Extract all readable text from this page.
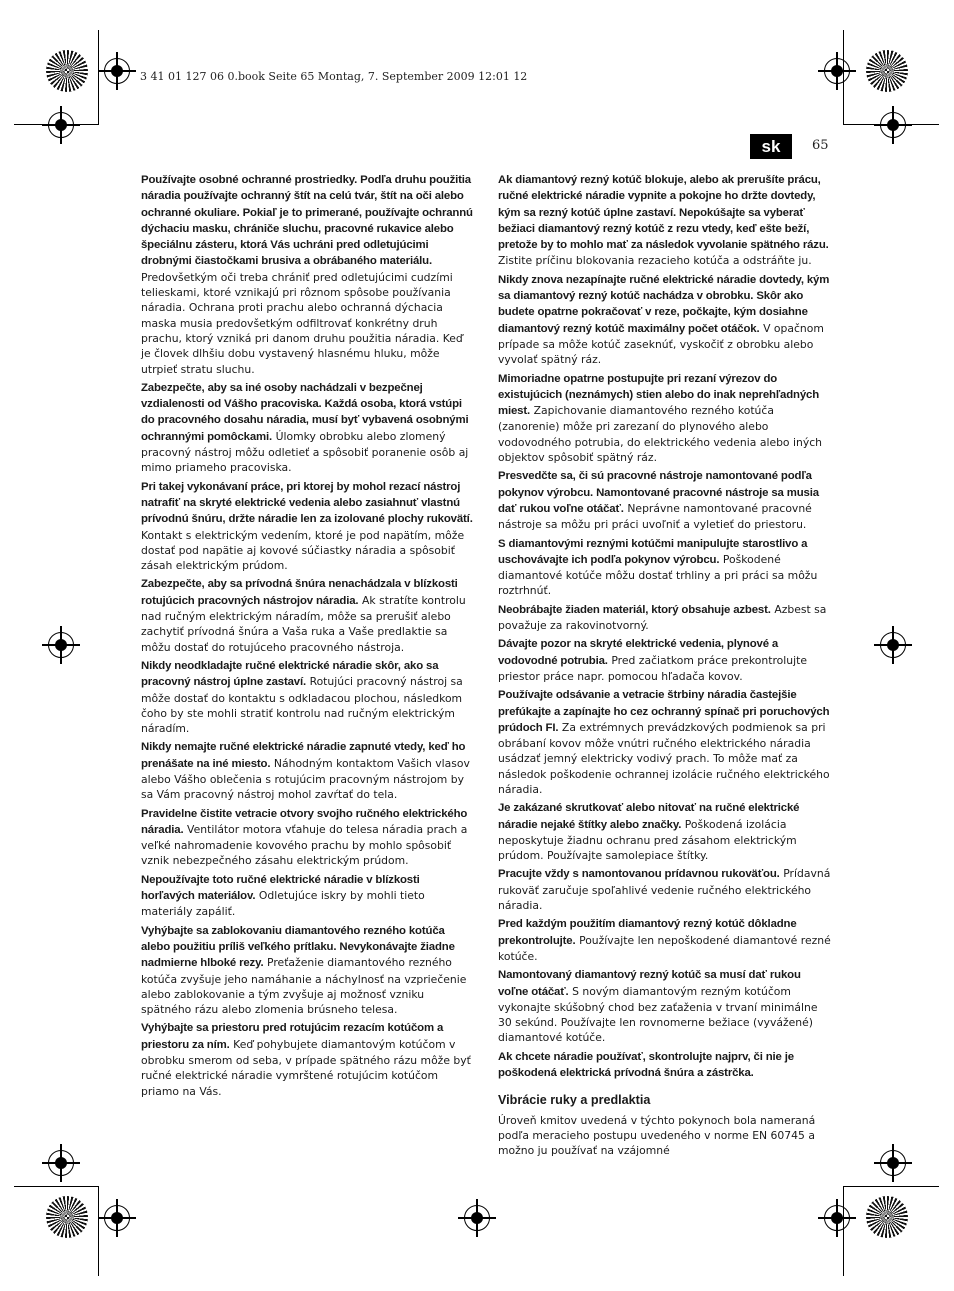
3 41 01 127 06 0.book Seite 65 Montag, 7. September 2009 12:01 12
sk	65

Používajte osobné ochranné prostriedky. Podľa druhu použitia náradia používajte ochranný štít na celú tvár, štít na oči alebo ochranné okuliare. Pokiaľ je to primerané, používajte ochrannú dýchaciu masku, chrániče sluchu, pracovné rukavice alebo špeciálnu zásteru, ktorá Vás uchráni pred odletujúcimi drobnými čiastočkami brusiva a obrábaného materiálu. Predovšetkým oči treba chrániť pred odletujúcimi cudzími telieskami, ktoré vznikajú pri rôznom spôsobe používania náradia. Ochrana proti prachu alebo ochranná dýchacia maska musia predovšetkým odfiltrovať konkrétny druh prachu, ktorý vzniká pri danom druhu použitia náradia. Keď je človek dlhšiu dobu vystavený hlasnému hluku, môže utrpieť stratu sluchu.

Zabezpečte, aby sa iné osoby nachádzali v bezpečnej vzdialenosti od Vášho pracoviska. Každá osoba, ktorá vstúpi do pracovného dosahu náradia, musí byť vybavená osobnými ochrannými pomôckami. Úlomky obrobku alebo zlomený pracovný nástroj môžu odletieť a spôsobiť poranenie osôb aj mimo priameho pracoviska.

Pri takej vykonávaní práce, pri ktorej by mohol rezací nástroj natrafiť na skryté elektrické vedenia alebo zasiahnuť vlastnú prívodnú šnúru, držte náradie len za izolované plochy rukovätí. Kontakt s elektrickým vedením, ktoré je pod napätím, môže dostať pod napätie aj kovové súčiastky náradia a spôsobiť zásah elektrickým prúdom.

Zabezpečte, aby sa prívodná šnúra nenachádzala v blízkosti rotujúcich pracovných nástrojov náradia. Ak stratíte kontrolu nad ručným elektrickým náradím, môže sa prerušiť alebo zachytiť prívodná šnúra a Vaša ruka a Vaše predlaktie sa môžu dostať do rotujúceho pracovného nástroja.

Nikdy neodkladajte ručné elektrické náradie skôr, ako sa pracovný nástroj úplne zastaví. Rotujúci pracovný nástroj sa môže dostať do kontaktu s odkladacou plochou, následkom čoho by ste mohli stratiť kontrolu nad ručným elektrickým náradím.

Nikdy nemajte ručné elektrické náradie zapnuté vtedy, keď ho prenášate na iné miesto. Náhodným kontaktom Vašich vlasov alebo Vášho oblečenia s rotujúcim pracovným nástrojom by sa Vám pracovný nástroj mohol zavŕtať do tela.

Pravidelne čistite vetracie otvory svojho ručného elektrického náradia. Ventilátor motora vťahuje do telesa náradia prach a veľké nahromadenie kovového prachu by mohlo spôsobiť vznik nebezpečného zásahu elektrickým prúdom.

Nepoužívajte toto ručné elektrické náradie v blízkosti horľavých materiálov. Odletujúce iskry by mohli tieto materiály zapáliť.

Vyhýbajte sa zablokovaniu diamantového rezného kotúča alebo použitiu príliš veľkého prítlaku. Nevykonávajte žiadne nadmierne hlboké rezy. Preťaženie diamantového rezného kotúča zvyšuje jeho namáhanie a náchylnosť na vzpriečenie alebo zablokovanie a tým zvyšuje aj možnosť vzniku spätného rázu alebo zlomenia brúsneho telesa.

Vyhýbajte sa priestoru pred rotujúcim rezacím kotúčom a priestoru za ním. Keď pohybujete diamantovým kotúčom v obrobku smerom od seba, v prípade spätného rázu môže byť ručné elektrické náradie vymrštené rotujúcim kotúčom priamo na Vás.

Ak diamantový rezný kotúč blokuje, alebo ak prerušíte prácu, ručné elektrické náradie vypnite a pokojne ho držte dovtedy, kým sa rezný kotúč úplne zastaví. Nepokúšajte sa vyberať bežiaci diamantový rezný kotúč z rezu vtedy, keď ešte beží, pretože by to mohlo mať za následok vyvolanie spätného rázu. Zistite príčinu blokovania rezacieho kotúča a odstráňte ju.

Nikdy znova nezapínajte ručné elektrické náradie dovtedy, kým sa diamantový rezný kotúč nachádza v obrobku. Skôr ako budete opatrne pokračovať v reze, počkajte, kým dosiahne diamantový rezný kotúč maximálny počet otáčok. V opačnom prípade sa môže kotúč zaseknúť, vyskočiť z obrobku alebo vyvolať spätný ráz.

Mimoriadne opatrne postupujte pri rezaní výrezov do existujúcich (neznámych) stien alebo do inak neprehľadných miest. Zapichovanie diamantového rezného kotúča (zanorenie) môže pri zarezaní do plynového alebo vodovodného potrubia, do elektrického vedenia alebo iných objektov spôsobiť spätný ráz.

Presvedčte sa, či sú pracovné nástroje namontované podľa pokynov výrobcu. Namontované pracovné nástroje sa musia dať rukou voľne otáčať. Neprávne namontované pracovné nástroje sa môžu pri práci uvoľniť a vyletieť do priestoru.

S diamantovými reznými kotúčmi manipulujte starostlivo a uschovávajte ich podľa pokynov výrobcu. Poškodené diamantové kotúče môžu dostať trhliny a pri práci sa môžu roztrhnúť.

Neobrábajte žiaden materiál, ktorý obsahuje azbest. Azbest sa považuje za rakovinotvorný.

Dávajte pozor na skryté elektrické vedenia, plynové a vodovodné potrubia. Pred začiatkom práce prekontrolujte priestor práce napr. pomocou hľadača kovov.

Používajte odsávanie a vetracie štrbiny náradia častejšie prefúkajte a zapínajte ho cez ochranný spínač pri poruchových prúdoch FI. Za extrémnych prevádzkových podmienok sa pri obrábaní kovov môže vnútri ručného elektrického náradia usádzať jemný elektricky vodivý prach. To môže mať za následok poškodenie ochrannej izolácie ručného elektrického náradia.

Je zakázané skrutkovať alebo nitovať na ručné elektrické náradie nejaké štítky alebo značky. Poškodená izolácia neposkytuje žiadnu ochranu pred zásahom elektrickým prúdom. Používajte samolepiace štítky.

Pracujte vždy s namontovanou prídavnou rukoväťou. Prídavná rukoväť zaručuje spoľahlivé vedenie ručného elektrického náradia.

Pred každým použitím diamantový rezný kotúč dôkladne prekontrolujte. Používajte len nepoškodené diamantové rezné kotúče.

Namontovaný diamantový rezný kotúč sa musí dať rukou voľne otáčať. S novým diamantovým rezným kotúčom vykonajte skúšobný chod bez zaťaženia v trvaní minimálne 30 sekúnd. Používajte len rovnomerne bežiace (vyvážené) diamantové kotúče.

Ak chcete náradie používať, skontrolujte najprv, či nie je poškodená elektrická prívodná šnúra a zástrčka.

Vibrácie ruky a predlaktia

Úroveň kmitov uvedená v týchto pokynoch bola nameraná podľa meracieho postupu uvedeného v norme EN 60745 a možno ju používať na vzájomné
